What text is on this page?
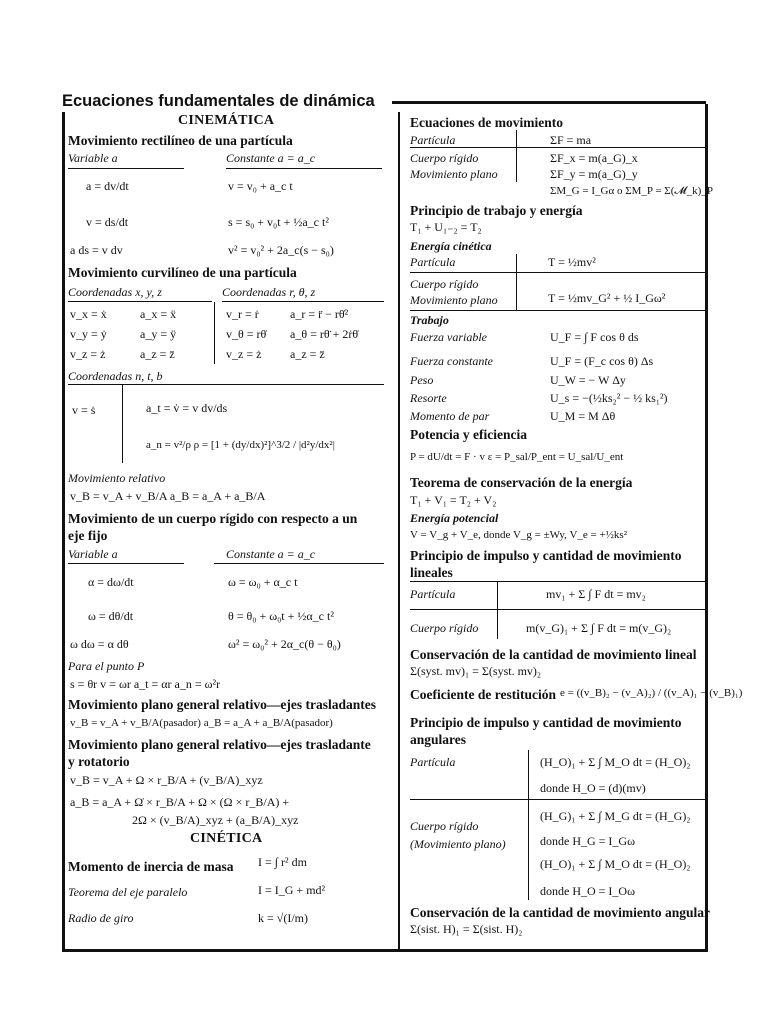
Ecuaciones fundamentales de dinámica
CINEMÁTICA
Movimiento rectilíneo de una partícula
Variable a	Constante a = a_c
a = dv/dt	v = v₀ + a_c t
v = ds/dt	s = s₀ + v₀t + ½a_c t²
a ds = v dv	v² = v₀² + 2a_c(s − s₀)
Movimiento curvilíneo de una partícula
Coordenadas x, y, z	Coordenadas r, θ, z
v_x = ẋ	a_x = ẍ	v_r = ṙ	a_r = r̈ − rθ̇²
v_y = ẏ	a_y = ÿ	v_θ = rθ̇ a_θ = rθ̈ + 2ṙθ̇
v_z = ż	a_z = z̈	v_z = ż a_z = z̈
Coordenadas n, t, b
v = ṡ	a_t = v̇ = v dv/ds
a_n = v²/ρ ρ = [1 + (dy/dx)²]^3/2 / |d²y/dx²|
Movimiento relativo
v_B = v_A + v_B/A a_B = a_A + a_B/A
Movimiento de un cuerpo rígido con respecto a un
eje fijo
Variable a	Constante a = a_c
α = dω/dt	ω = ω₀ + α_c t
ω = dθ/dt	θ = θ₀ + ω₀t + ½α_c t²
ω dω = α dθ	ω² = ω₀² + 2α_c(θ − θ₀)
Para el punto P
s = θr v = ωr a_t = αr a_n = ω²r
Movimiento plano general relativo—ejes trasladantes
v_B = v_A + v_B/A(pasador) a_B = a_A + a_B/A(pasador)
Movimiento plano general relativo—ejes trasladante
y rotatorio
v_B = v_A + Ω × r_B/A + (v_B/A)_xyz
a_B = a_A + Ω̇ × r_B/A + Ω × (Ω × r_B/A) +
2Ω × (v_B/A)_xyz + (a_B/A)_xyz
CINÉTICA
Momento de inercia de masa I = ∫ r² dm
Teorema del eje paralelo	I = I_G + md²
Radio de giro	k = √(I/m)
Ecuaciones de movimiento
Partícula	ΣF = ma
Cuerpo rígido	ΣF_x = m(a_G)_x
Movimiento plano	ΣF_y = m(a_G)_y
ΣM_G = I_Gα o ΣM_P = Σ(𝓜_k)_P
Principio de trabajo y energía
T₁ + U₁₋₂ = T₂
Energía cinética
Partícula	T = ½mv²
Cuerpo rígido
Movimiento plano	T = ½mv_G² + ½ I_Gω²
Trabajo
Fuerza variable	U_F = ∫ F cos θ ds
Fuerza constante	U_F = (F_c cos θ) Δs
Peso	U_W = − W Δy
Resorte	U_s = −(½ks₂² − ½ ks₁²)
Momento de par	U_M = M Δθ
Potencia y eficiencia
P = dU/dt = F · v ε = P_sal/P_ent = U_sal/U_ent
Teorema de conservación de la energía
T₁ + V₁ = T₂ + V₂
Energía potencial
V = V_g + V_e, donde V_g = ±Wy, V_e = +½ks²
Principio de impulso y cantidad de movimiento
lineales
Partícula	mv₁ + Σ ∫ F dt = mv₂
Cuerpo rígido	m(v_G)₁ + Σ ∫ F dt = m(v_G)₂
Conservación de la cantidad de movimiento lineal
Σ(syst. mv)₁ = Σ(syst. mv)₂
Coeficiente de restitución e = ((v_B)₂ − (v_A)₂) / ((v_A)₁ − (v_B)₁)
Principio de impulso y cantidad de movimiento
angulares
Partícula	(H_O)₁ + Σ ∫ M_O dt = (H_O)₂
donde H_O = (d)(mv)
Cuerpo rígido
(Movimiento plano)
(H_G)₁ + Σ ∫ M_G dt = (H_G)₂
donde H_G = I_Gω
(H_O)₁ + Σ ∫ M_O dt = (H_O)₂
donde H_O = I_Oω
Conservación de la cantidad de movimiento angular
Σ(sist. H)₁ = Σ(sist. H)₂
